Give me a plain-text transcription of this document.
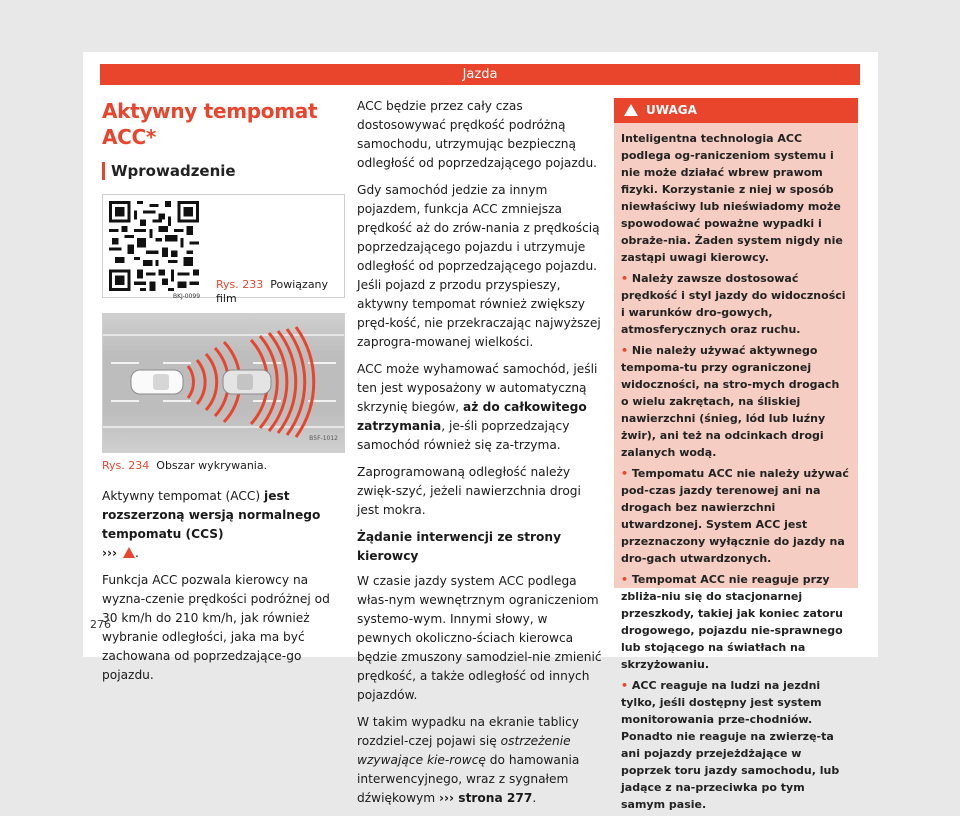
Jazda
Aktywny tempomat ACC*
Wprowadzenie
BKJ-0099
Rys. 233 Powiązany film
B5F-1012
Rys. 234 Obszar wykrywania.

Aktywny tempomat (ACC) jest rozszerzoną wersją normalnego tempomatu (CCS)
››› .

Funkcja ACC pozwala kierowcy na wyzna-czenie prędkości podróżnej od 30 km/h do 210 km/h, jak również wybranie odległości, jaka ma być zachowana od poprzedzające-go pojazdu.

ACC będzie przez cały czas dostosowywać prędkość podróżną samochodu, utrzymując bezpieczną odległość od poprzedzającego pojazdu.

Gdy samochód jedzie za innym pojazdem, funkcja ACC zmniejsza prędkość aż do zrów-nania z prędkością poprzedzającego pojazdu i utrzymuje odległość od poprzedzającego pojazdu. Jeśli pojazd z przodu przyspieszy, aktywny tempomat również zwiększy pręd-kość, nie przekraczając najwyższej zaprogra-mowanej wielkości.

ACC może wyhamować samochód, jeśli ten jest wyposażony w automatyczną skrzynię biegów, aż do całkowitego zatrzymania, je-śli poprzedzający samochód również się za-trzyma.

Zaprogramowaną odległość należy zwięk-szyć, jeżeli nawierzchnia drogi jest mokra.

Żądanie interwencji ze strony kierowcy

W czasie jazdy system ACC podlega włas-nym wewnętrznym ograniczeniom systemo-wym. Innymi słowy, w pewnych okoliczno-ściach kierowca będzie zmuszony samodziel-nie zmienić prędkość, a także odległość od innych pojazdów.

W takim wypadku na ekranie tablicy rozdziel-czej pojawi się ostrzeżenie wzywające kie-rowcę do hamowania interwencyjnego, wraz z sygnałem dźwiękowym ››› strona 277.

UWAGA

Inteligentna technologia ACC podlega og-raniczeniom systemu i nie może działać wbrew prawom fizyki. Korzystanie z niej w sposób niewłaściwy lub nieświadomy może spowodować poważne wypadki i obraże-nia. Żaden system nigdy nie zastąpi uwagi kierowcy.

• Należy zawsze dostosować prędkość i styl jazdy do widoczności i warunków dro-gowych, atmosferycznych oraz ruchu.

• Nie należy używać aktywnego tempoma-tu przy ograniczonej widoczności, na stro-mych drogach o wielu zakrętach, na śliskiej nawierzchni (śnieg, lód lub luźny żwir), ani też na odcinkach drogi zalanych wodą.

• Tempomatu ACC nie należy używać pod-czas jazdy terenowej ani na drogach bez nawierzchni utwardzonej. System ACC jest przeznaczony wyłącznie do jazdy na dro-gach utwardzonych.

• Tempomat ACC nie reaguje przy zbliża-niu się do stacjonarnej przeszkody, takiej jak koniec zatoru drogowego, pojazdu nie-sprawnego lub stojącego na światłach na skrzyżowaniu.

• ACC reaguje na ludzi na jezdni tylko, jeśli dostępny jest system monitorowania prze-chodniów. Ponadto nie reaguje na zwierzę-ta ani pojazdy przejeżdżające w poprzek toru jazdy samochodu, lub jadące z na-przeciwka po tym samym pasie.

276
